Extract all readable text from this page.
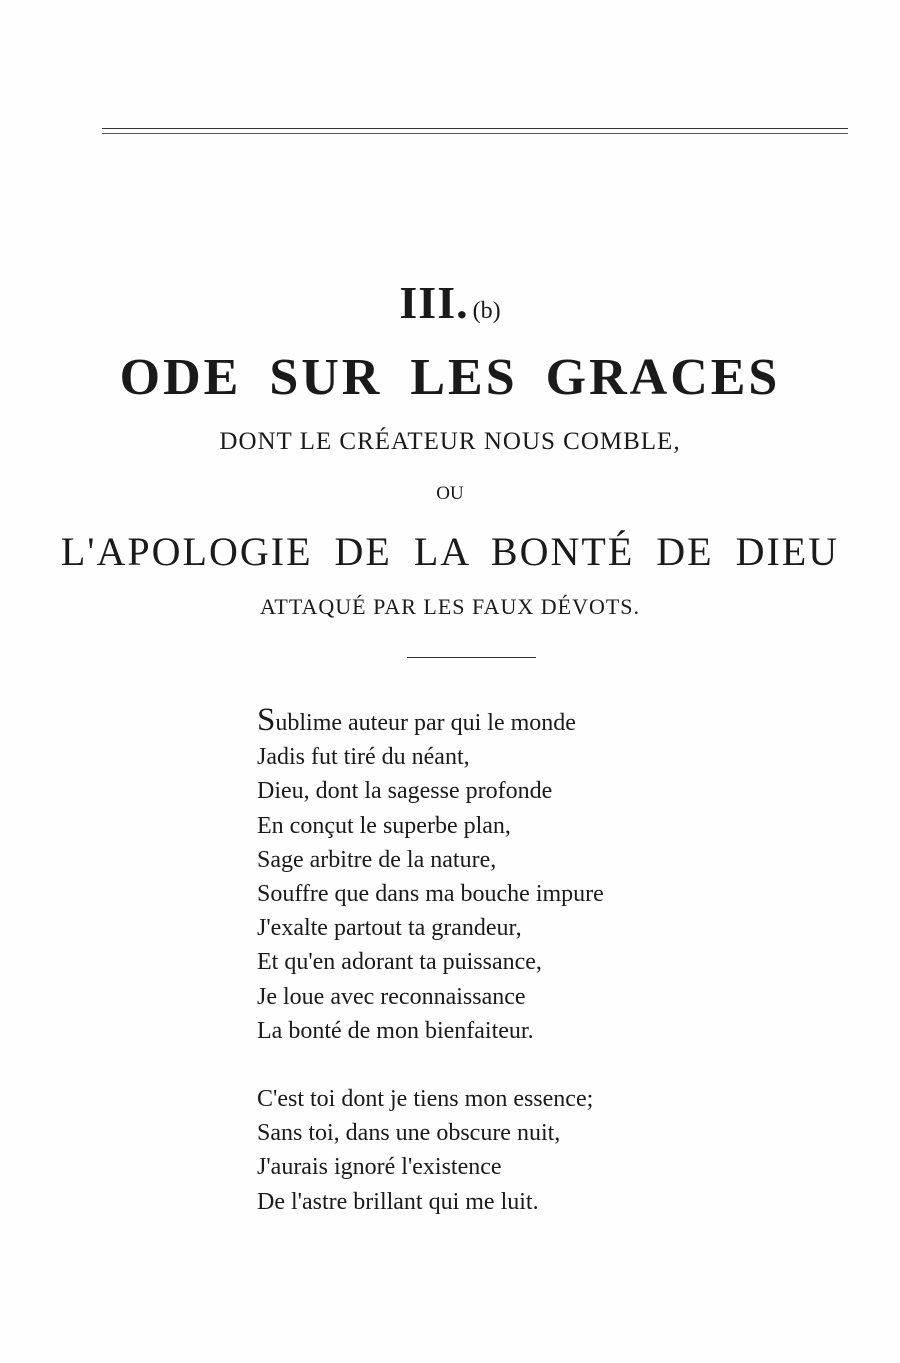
III. (b)
ODE SUR LES GRACES
DONT LE CRÉATEUR NOUS COMBLE,
OU
L'APOLOGIE DE LA BONTÉ DE DIEU
ATTAQUÉ PAR LES FAUX DÉVOTS.
Sublime auteur par qui le monde
Jadis fut tiré du néant,
Dieu, dont la sagesse profonde
En conçut le superbe plan,
Sage arbitre de la nature,
Souffre que dans ma bouche impure
J'exalte partout ta grandeur,
Et qu'en adorant ta puissance,
Je loue avec reconnaissance
La bonté de mon bienfaiteur.
C'est toi dont je tiens mon essence;
Sans toi, dans une obscure nuit,
J'aurais ignoré l'existence
De l'astre brillant qui me luit.
